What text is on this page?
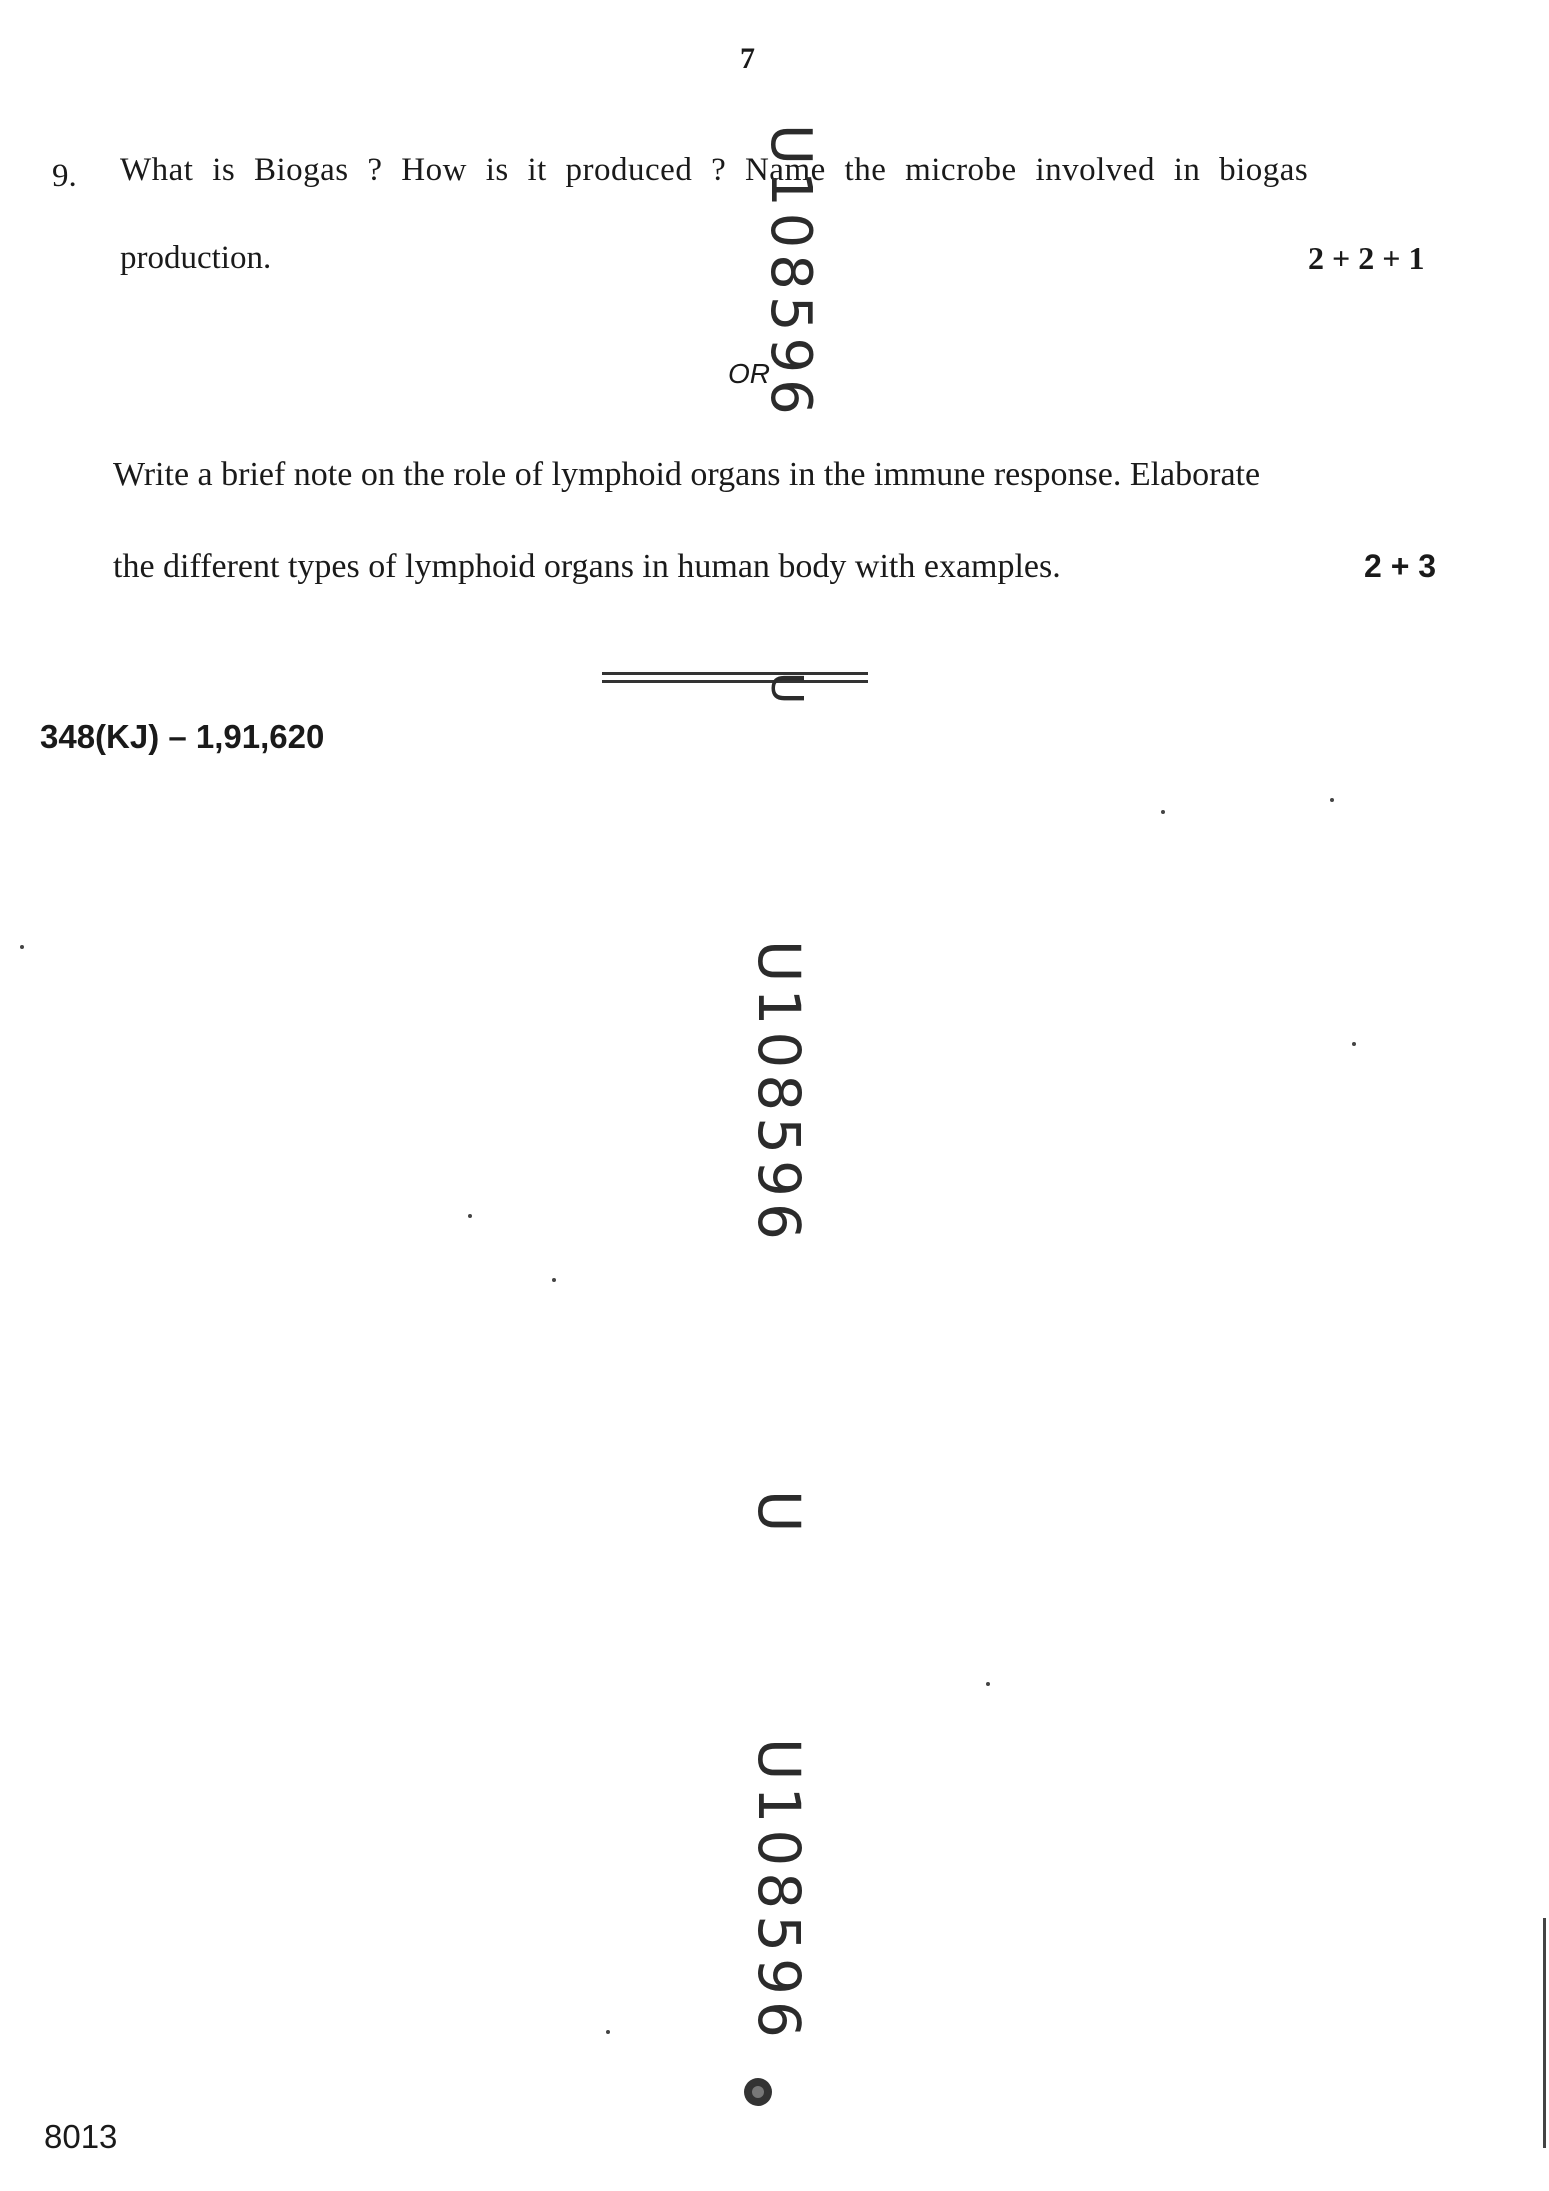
7
9. What is Biogas ? How is it produced ? Name the microbe involved in biogas
production.	2 + 2 + 1
OR
Write a brief note on the role of lymphoid organs in the immune response. Elaborate
the different types of lymphoid organs in human body with examples.	2 + 3
348(KJ) – 1,91,620
U108596
U
U108596
U
U108596
8013
